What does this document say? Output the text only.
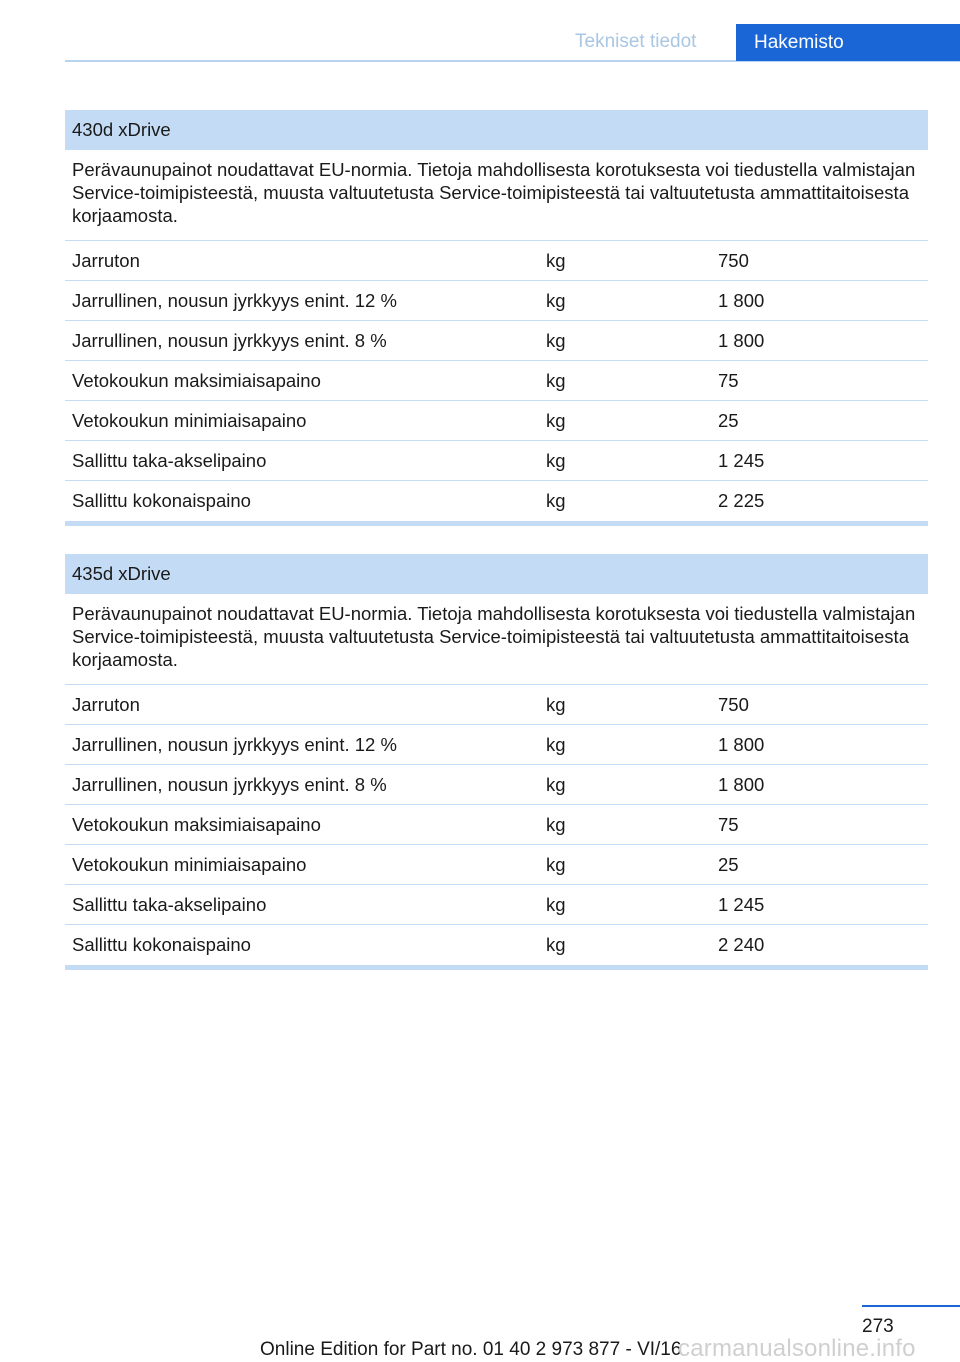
Tekniset tiedot	Hakemisto
430d xDrive
Perävaunupainot noudattavat EU-normia. Tietoja mahdollisesta korotuksesta voi tiedustella valmistajan Service-toimipisteestä, muusta valtuutetusta Service-toimipisteestä tai valtuutetusta ammattitaitoisesta korjaamosta.
Jarruton	kg	750
Jarrullinen, nousun jyrkkyys enint. 12 %	kg	1 800
Jarrullinen, nousun jyrkkyys enint. 8 %	kg	1 800
Vetokoukun maksimiaisapaino	kg	75
Vetokoukun minimiaisapaino	kg	25
Sallittu taka-akselipaino	kg	1 245
Sallittu kokonaispaino	kg	2 225
435d xDrive
Perävaunupainot noudattavat EU-normia. Tietoja mahdollisesta korotuksesta voi tiedustella valmistajan Service-toimipisteestä, muusta valtuutetusta Service-toimipisteestä tai valtuutetusta ammattitaitoisesta korjaamosta.
Jarruton	kg	750
Jarrullinen, nousun jyrkkyys enint. 12 %	kg	1 800
Jarrullinen, nousun jyrkkyys enint. 8 %	kg	1 800
Vetokoukun maksimiaisapaino	kg	75
Vetokoukun minimiaisapaino	kg	25
Sallittu taka-akselipaino	kg	1 245
Sallittu kokonaispaino	kg	2 240
273
Online Edition for Part no. 01 40 2 973 877 - VI/16
carmanualsonline.info
